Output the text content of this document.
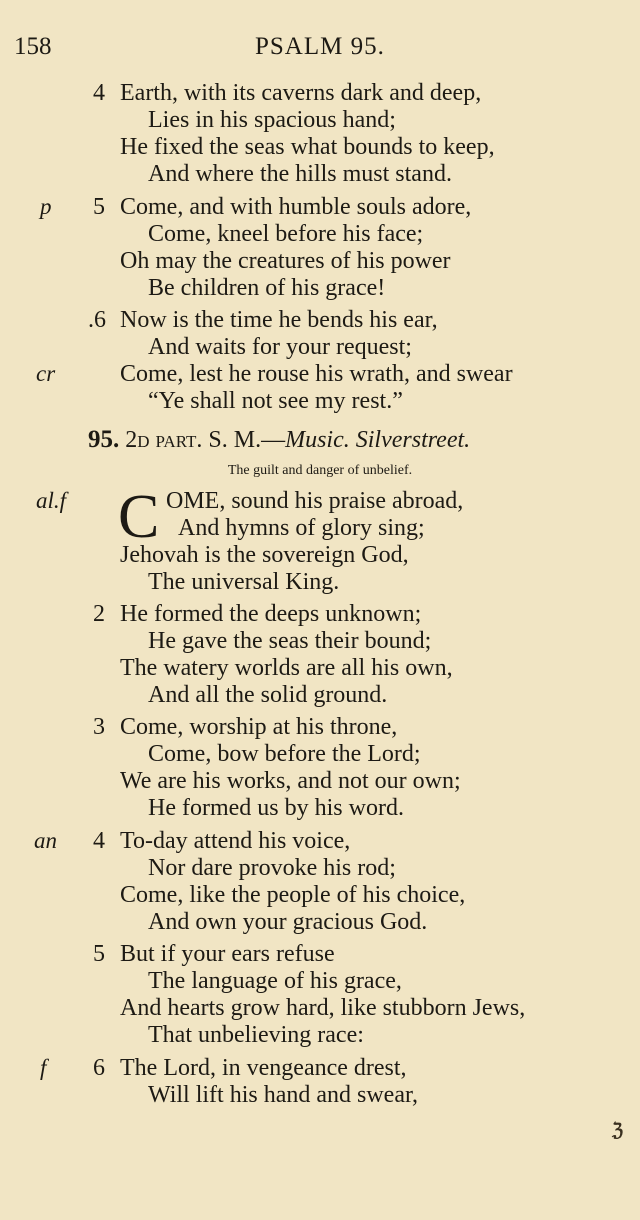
158	PSALM 95.
4 Earth, with its caverns dark and deep,
Lies in his spacious hand;
He fixed the seas what bounds to keep,
And where the hills must stand.
5
p	Come, and with humble souls adore,
Come, kneel before his face;
Oh may the creatures of his power
Be children of his grace!
.6
cr
Now is the time he bends his ear,
And waits for your request;
Come, lest he rouse his wrath, and swear
“Ye shall not see my rest.”
95. 2d part. S. M.—Music. Silverstreet.
The guilt and danger of unbelief.
al.f C OME, sound his praise abroad,
And hymns of glory sing;
Jehovah is the sovereign God,
The universal King.
2 He formed the deeps unknown;
He gave the seas their bound;
The watery worlds are all his own,
And all the solid ground.
3 Come, worship at his throne,
Come, bow before the Lord;
We are his works, and not our own;
He formed us by his word.
4
an	To-day attend his voice,
Nor dare provoke his rod;
Come, like the people of his choice,
And own your gracious God.
5 But if your ears refuse
The language of his grace,
And hearts grow hard, like stubborn Jews,
That unbelieving race:
6
f	The Lord, in vengeance drest,
Will lift his hand and swear,
ℨ
